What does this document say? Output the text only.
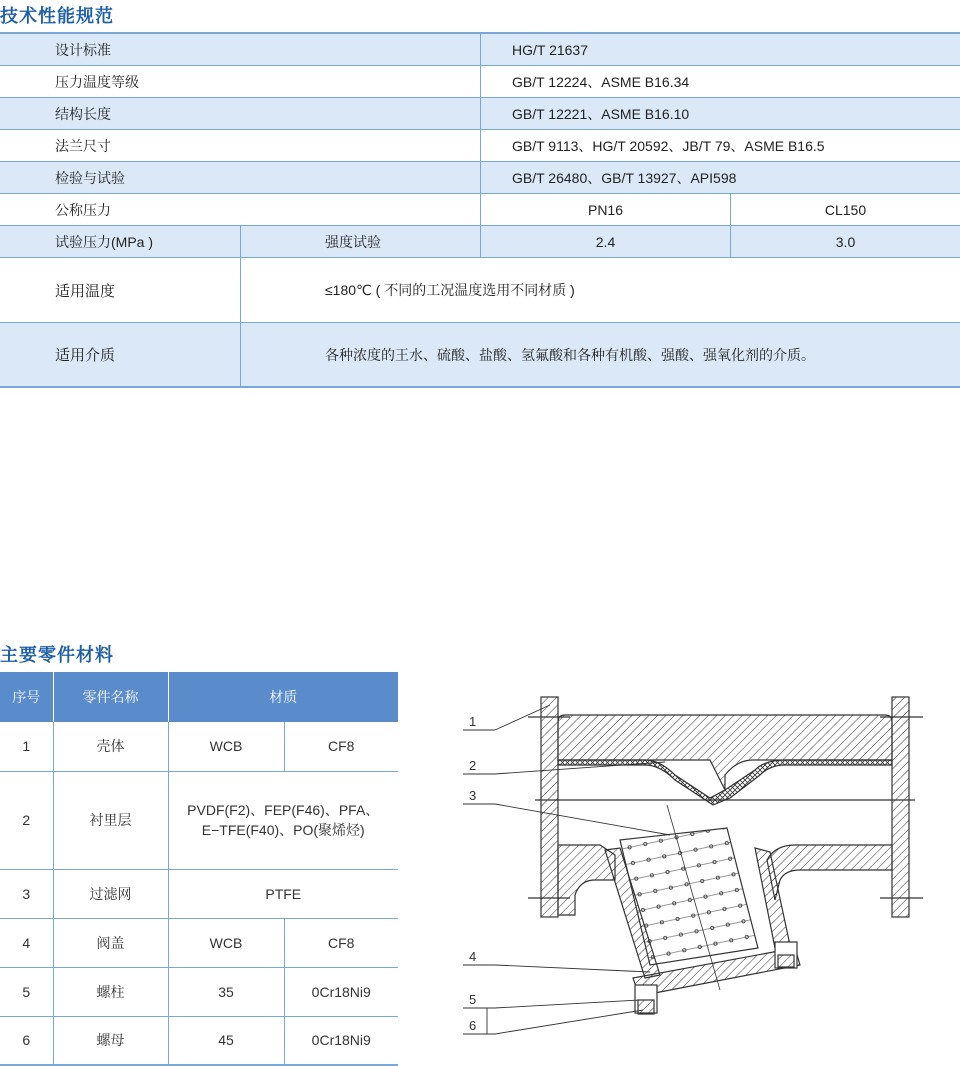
技术性能规范
设计标准	HG/T 21637
压力温度等级	GB/T 12224、ASME B16.34
结构长度	GB/T 12221、ASME B16.10
法兰尺寸	GB/T 9113、HG/T 20592、JB/T 79、ASME B16.5
检验与试验	GB/T 26480、GB/T 13927、API598
公称压力	PN16	CL150
试验压力(MPa )	强度试验	2.4	3.0
适用温度	≤180℃ ( 不同的工况温度选用不同材质 )
适用介质	各种浓度的王水、硫酸、盐酸、氢氟酸和各种有机酸、强酸、强氧化剂的介质。
主要零件材料
序号	零件名称	材质	
1	壳体	WCB	CF8
2	衬里层	PVDF(F2)、FEP(F46)、PFA、E−TFE(F40)、PO(聚烯烃)	
3	过滤网	PTFE	
4	阀盖	WCB	CF8
5	螺柱	35	0Cr18Ni9
6	螺母	45	0Cr18Ni9
1
2
3
4
5
6
